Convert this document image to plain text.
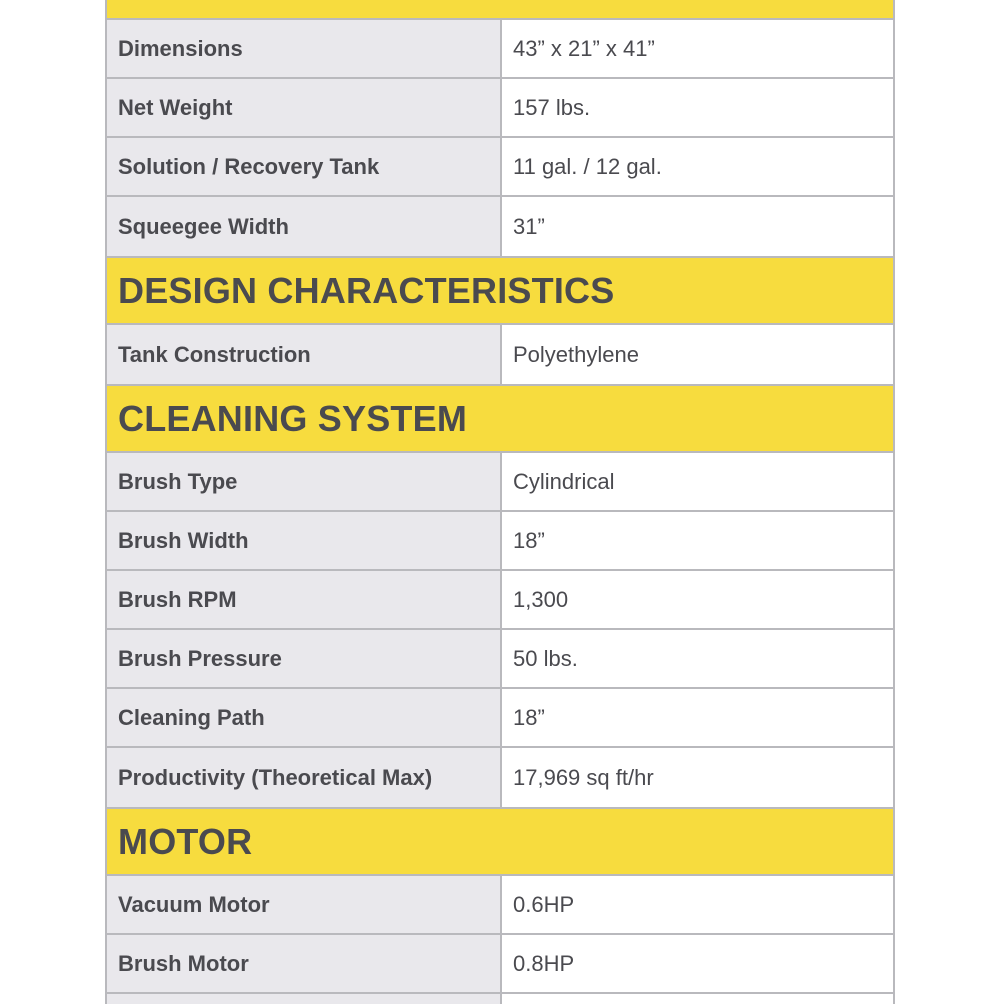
Dimensions	43” x 21” x 41”
Net Weight	157 lbs.
Solution / Recovery Tank	11 gal. / 12 gal.
Squeegee Width	31”
DESIGN CHARACTERISTICS
Tank Construction	Polyethylene
CLEANING SYSTEM
Brush Type	Cylindrical
Brush Width	18”
Brush RPM	1,300
Brush Pressure	50 lbs.
Cleaning Path	18”
Productivity (Theoretical Max)	17,969 sq ft/hr
MOTOR
Vacuum Motor	0.6HP
Brush Motor	0.8HP
